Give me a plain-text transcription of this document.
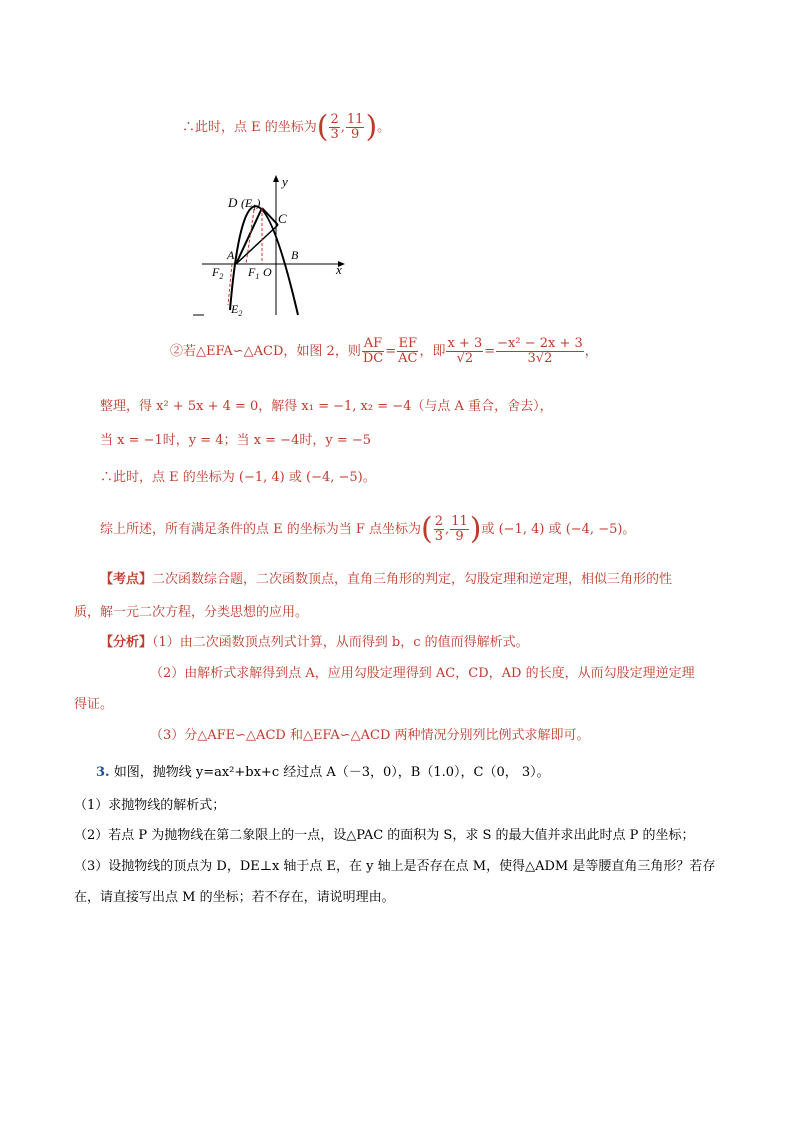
∴此时，点 E 的坐标为( $\frac{2}{3}$ , $\frac{11}{9}$ )。
y
x
D $(E_1)$
C
A	B
$F_2$ $F_1$ O
$E_2$
②若△EFA∽△ACD，如图 2，则 $\frac{AF}{DC} = \frac{EF}{AC}$ ，即 $\frac{x + 3}{√2} = \frac{\text{−x² − 2x + 3}}{3√2}$ ，
整理，得 x² + 5x + 4 = 0，解得 x₁ = −1, x₂ = −4（与点 A 重合，舍去），
当 x = −1时，y = 4；当 x = −4时，y = −5
∴此时，点 E 的坐标为 (−1, 4) 或 (−4, −5)。
综上所述，所有满足条件的点 E 的坐标为当 F 点坐标为( $\frac{2}{3}$ , $\frac{11}{9}$ )或 (−1, 4) 或 (−4, −5)。
【考点】二次函数综合题，二次函数顶点，直角三角形的判定，勾股定理和逆定理，相似三角形的性
质，解一元二次方程，分类思想的应用。
【分析】（1）由二次函数顶点列式计算，从而得到 b，c 的值而得解析式。
（2）由解析式求解得到点 A，应用勾股定理得到 AC，CD，AD 的长度，从而勾股定理逆定理
得证。
（3）分△AFE∽△ACD 和△EFA∽△ACD 两种情况分别列比例式求解即可。
3. 如图，抛物线 y=ax²+bx+c 经过点 A（－3，0），B（1.0），C（0， 3）。
（1）求抛物线的解析式；
（2）若点 P 为抛物线在第二象限上的一点，设△PAC 的面积为 S，求 S 的最大值并求出此时点 P 的坐标；
（3）设抛物线的顶点为 D，DE⊥x 轴于点 E，在 y 轴上是否存在点 M，使得△ADM 是等腰直角三角形？若存
在，请直接写出点 M 的坐标；若不存在，请说明理由。
